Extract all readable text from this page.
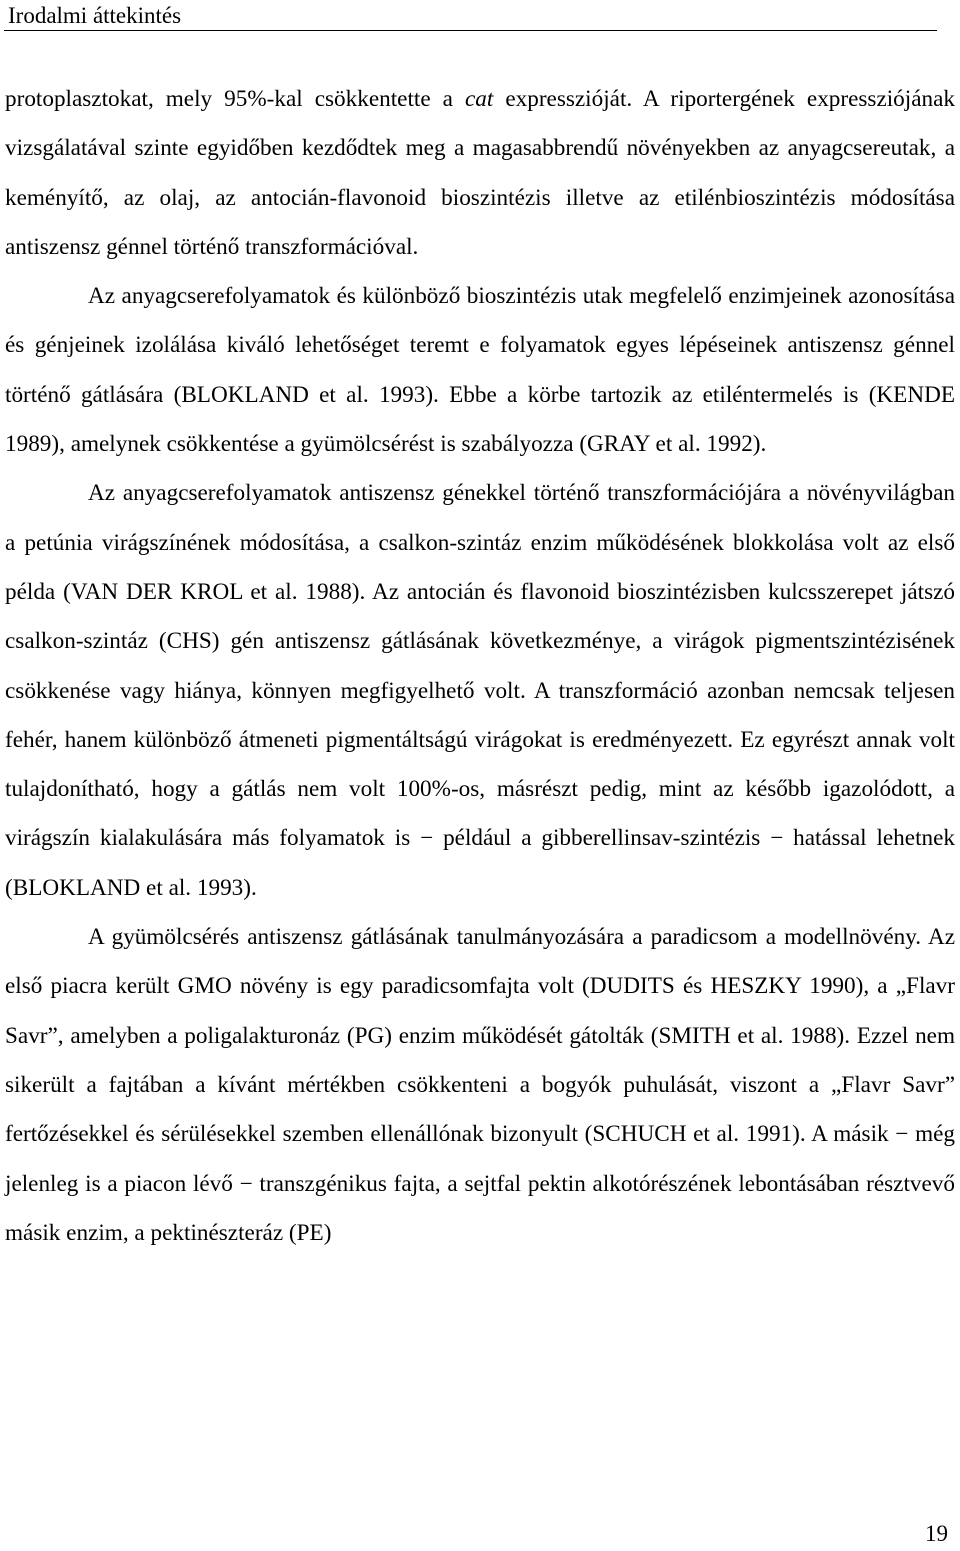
Irodalmi áttekintés

protoplasztokat, mely 95%-kal csökkentette a cat expresszióját. A riportergének expressziójának vizsgálatával szinte egyidőben kezdődtek meg a magasabbrendű növényekben az anyagcsereutak, a keményítő, az olaj, az antocián-flavonoid bioszintézis illetve az etilénbioszintézis módosítása antiszensz génnel történő transzformációval.

Az anyagcserefolyamatok és különböző bioszintézis utak megfelelő enzimjeinek azonosítása és génjeinek izolálása kiváló lehetőséget teremt e folyamatok egyes lépéseinek antiszensz génnel történő gátlására (BLOKLAND et al. 1993). Ebbe a körbe tartozik az etiléntermelés is (KENDE 1989), amelynek csökkentése a gyümölcsérést is szabályozza (GRAY et al. 1992).

Az anyagcserefolyamatok antiszensz génekkel történő transzformációjára a növényvilágban a petúnia virágszínének módosítása, a csalkon-szintáz enzim működésének blokkolása volt az első példa (VAN DER KROL et al. 1988). Az antocián és flavonoid bioszintézisben kulcsszerepet játszó csalkon-szintáz (CHS) gén antiszensz gátlásának következménye, a virágok pigmentszintézisének csökkenése vagy hiánya, könnyen megfigyelhető volt. A transzformáció azonban nemcsak teljesen fehér, hanem különböző átmeneti pigmentáltságú virágokat is eredményezett. Ez egyrészt annak volt tulajdonítható, hogy a gátlás nem volt 100%-os, másrészt pedig, mint az később igazolódott, a virágszín kialakulására más folyamatok is − például a gibberellinsav-szintézis − hatással lehetnek (BLOKLAND et al. 1993).

A gyümölcsérés antiszensz gátlásának tanulmányozására a paradicsom a modellnövény. Az első piacra került GMO növény is egy paradicsomfajta volt (DUDITS és HESZKY 1990), a „Flavr Savr”, amelyben a poligalakturonáz (PG) enzim működését gátolták (SMITH et al. 1988). Ezzel nem sikerült a fajtában a kívánt mértékben csökkenteni a bogyók puhulását, viszont a „Flavr Savr” fertőzésekkel és sérülésekkel szemben ellenállónak bizonyult (SCHUCH et al. 1991). A másik − még jelenleg is a piacon lévő − transzgénikus fajta, a sejtfal pektin alkotórészének lebontásában résztvevő másik enzim, a pektinészteráz (PE)

19
